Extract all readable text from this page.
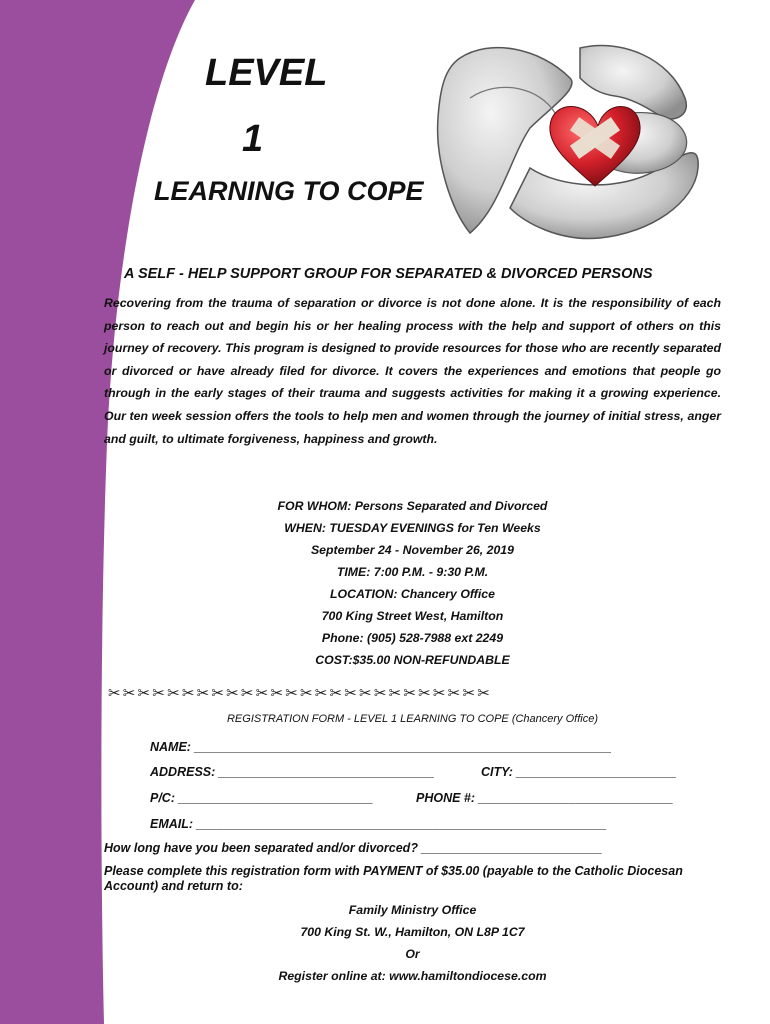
LEVEL
1
LEARNING TO COPE
A SELF - HELP SUPPORT GROUP FOR SEPARATED & DIVORCED PERSONS

Recovering from the trauma of separation or divorce is not done alone. It is the responsibility of each person to reach out and begin his or her healing process with the help and support of others on this journey of recovery. This program is designed to provide resources for those who are recently separated or divorced or have already filed for divorce. It covers the experiences and emotions that people go through in the early stages of their trauma and suggests activities for making it a growing experience. Our ten week session offers the tools to help men and women through the journey of initial stress, anger and guilt, to ultimate forgiveness, happiness and growth.

FOR WHOM: Persons Separated and Divorced
WHEN: TUESDAY EVENINGS for Ten Weeks
September 24 - November 26, 2019
TIME: 7:00 P.M. - 9:30 P.M.
LOCATION: Chancery Office
700 King Street West, Hamilton
Phone: (905) 528-7988 ext 2249
COST:$35.00 NON-REFUNDABLE
✂✂✂✂✂✂✂✂✂✂✂✂✂✂✂✂✂✂✂✂✂✂✂✂✂✂
REGISTRATION FORM - LEVEL 1 LEARNING TO COPE (Chancery Office)
NAME: ____________________________________________________________
ADDRESS: _______________________________	CITY: _______________________
P/C: ____________________________	PHONE #: ____________________________
EMAIL: ___________________________________________________________
How long have you been separated and/or divorced? __________________________
Please complete this registration form with PAYMENT of $35.00 (payable to the Catholic Diocesan Account) and return to:
Family Ministry Office
700 King St. W., Hamilton, ON L8P 1C7
Or
Register online at: www.hamiltondiocese.com
